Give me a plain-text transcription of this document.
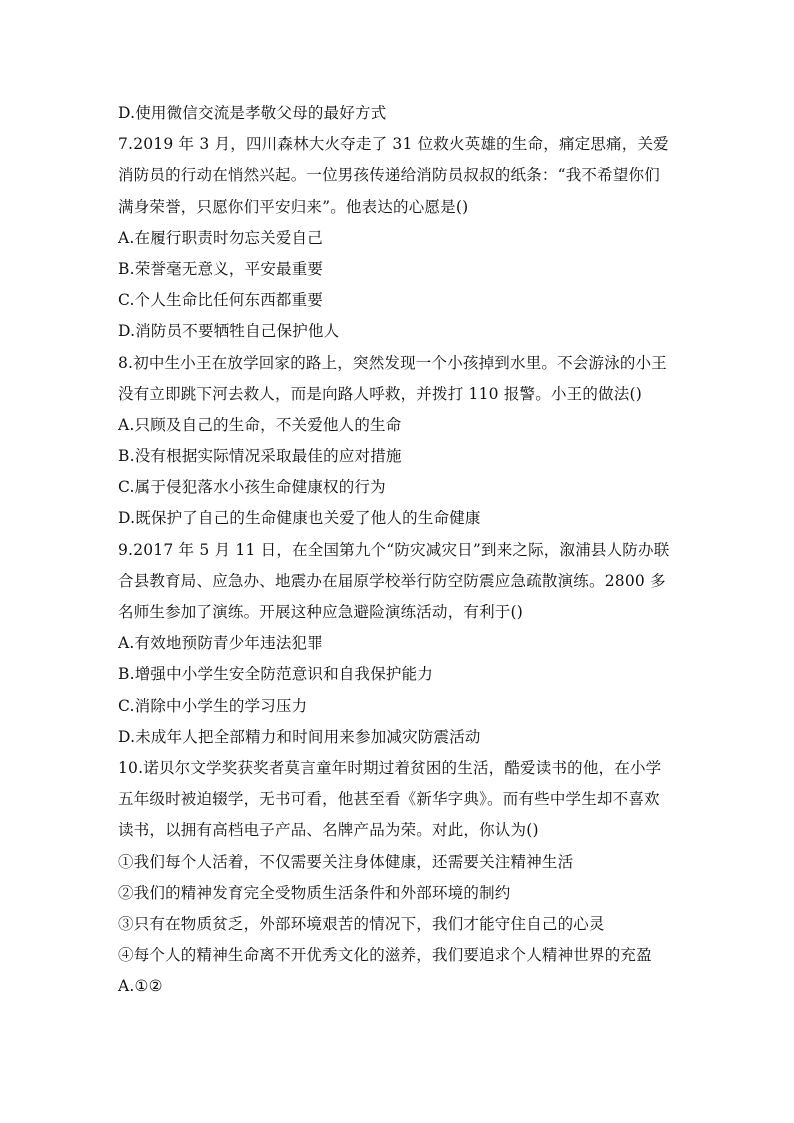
D.使用微信交流是孝敬父母的最好方式
7.2019 年 3 月，四川森林大火夺走了 31 位救火英雄的生命，痛定思痛，关爱
消防员的行动在悄然兴起。一位男孩传递给消防员叔叔的纸条：“我不希望你们
满身荣誉，只愿你们平安归来”。他表达的心愿是()
A.在履行职责时勿忘关爱自己
B.荣誉毫无意义，平安最重要
C.个人生命比任何东西都重要
D.消防员不要牺牲自己保护他人
8.初中生小王在放学回家的路上，突然发现一个小孩掉到水里。不会游泳的小王
没有立即跳下河去救人，而是向路人呼救，并拨打 110 报警。小王的做法()
A.只顾及自己的生命，不关爱他人的生命
B.没有根据实际情况采取最佳的应对措施
C.属于侵犯落水小孩生命健康权的行为
D.既保护了自己的生命健康也关爱了他人的生命健康
9.2017 年 5 月 11 日，在全国第九个“防灾减灾日”到来之际，溆浦县人防办联
合县教育局、应急办、地震办在届原学校举行防空防震应急疏散演练。2800 多
名师生参加了演练。开展这种应急避险演练活动，有利于()
A.有效地预防青少年违法犯罪
B.增强中小学生安全防范意识和自我保护能力
C.消除中小学生的学习压力
D.未成年人把全部精力和时间用来参加减灾防震活动
10.诺贝尔文学奖获奖者莫言童年时期过着贫困的生活，酷爱读书的他，在小学
五年级时被迫辍学，无书可看，他甚至看《新华字典》。而有些中学生却不喜欢
读书，以拥有高档电子产品、名牌产品为荣。对此，你认为()
①我们每个人活着，不仅需要关注身体健康，还需要关注精神生活
②我们的精神发育完全受物质生活条件和外部环境的制约
③只有在物质贫乏，外部环境艰苦的情况下，我们才能守住自己的心灵
④每个人的精神生命离不开优秀文化的滋养，我们要追求个人精神世界的充盈
A.①②
